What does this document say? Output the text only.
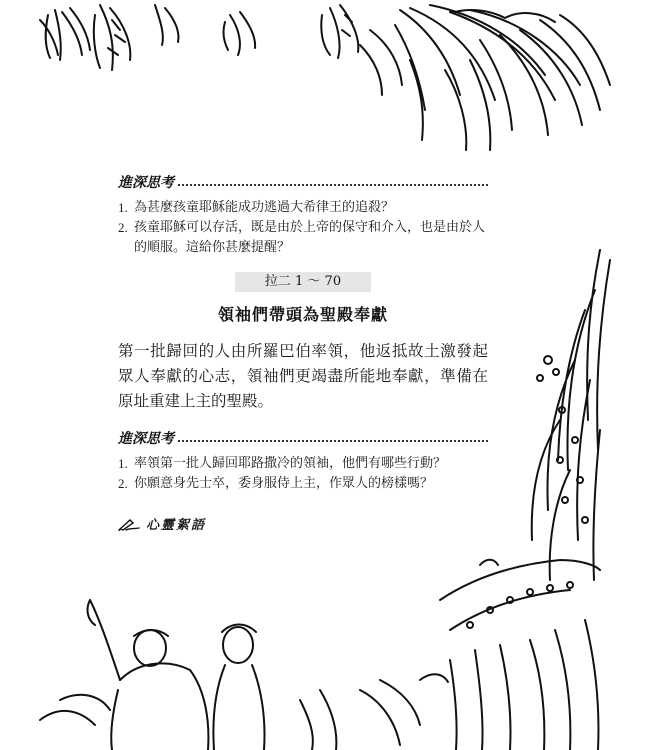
進深思考
1. 為甚麼孩童耶穌能成功逃過大希律王的追殺？
2. 孩童耶穌可以存活，既是由於上帝的保守和介入，也是由於人的順服。這給你甚麼提醒？
拉二 1 ～ 70
領袖們帶頭為聖殿奉獻

第一批歸回的人由所羅巴伯率領，他返抵故土激發起眾人奉獻的心志，領袖們更竭盡所能地奉獻，準備在原址重建上主的聖殿。

進深思考
1. 率領第一批人歸回耶路撒冷的領袖，他們有哪些行動？
2. 你願意身先士卒，委身服侍上主，作眾人的榜樣嗎？
心靈絮語
